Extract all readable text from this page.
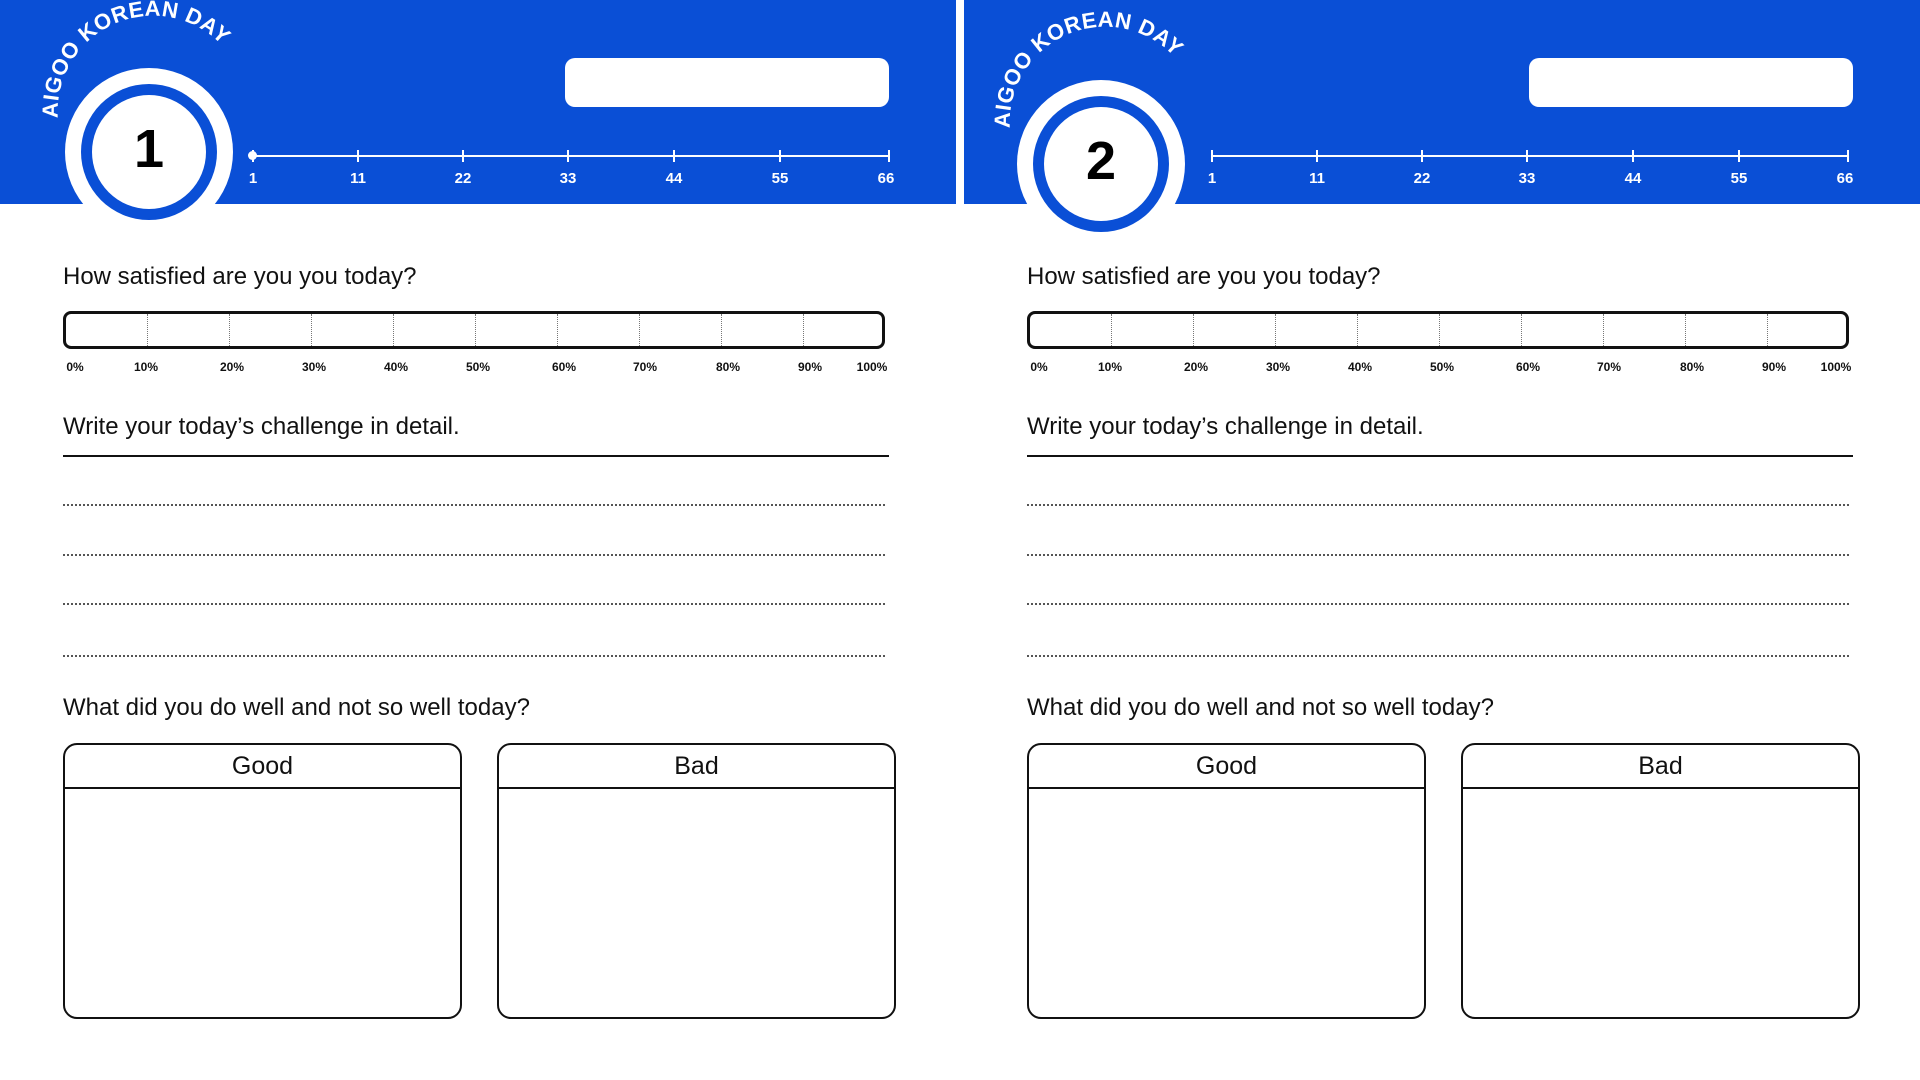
AIGOO KOREAN DAY
1	1	11	22	33	44	55	66
How satisfied are you you today?
0%	10%	20%	30%	40%	50%	60%	70%	80%	90%	100%
Write your today’s challenge in detail.
What did you do well and not so well today?
Good	Bad
AIGOO KOREAN DAY
2	1	11	22	33	44	55	66
How satisfied are you you today?
0%	10%	20%	30%	40%	50%	60%	70%	80%	90%	100%
Write your today’s challenge in detail.
What did you do well and not so well today?
Good	Bad
